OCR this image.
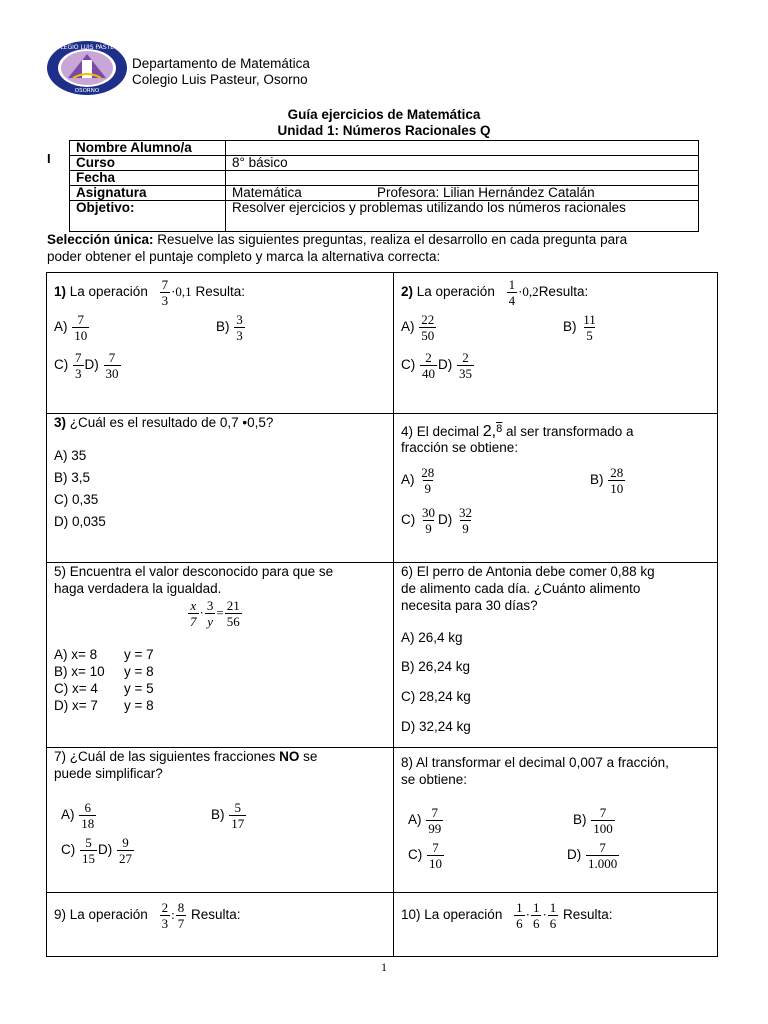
COLEGIO LUIS PASTEUR
OSORNO
Departamento de Matemática
Colegio Luis Pasteur, Osorno
Guía ejercicios de Matemática
Unidad 1: Números Racionales Q
I
Nombre Alumno/a	
Curso	8° básico
Fecha	
Asignatura	Matemática Profesora: Lilian Hernández Catalán
Objetivo:	Resolver ejercicios y problemas utilizando los números racionales
Selección única: Resuelve las siguientes preguntas, realiza el desarrollo en cada pregunta para
poder obtener el puntaje completo y marca la alternativa correcta:
1) La operación $\frac{7}{3} \cdot 0,1$ Resulta:
$A) \frac{7}{10}$	$B) \frac{3}{3}$
$C) \frac{7}{3} D) \frac{7}{30}$
2) La operación $\frac{1}{4}$ ·0,2Resulta:
$A) \frac{22}{50}$	$B) \frac{11}{5}$
$C) \frac{2}{40} D) \frac{2}{35}$
3) ¿Cuál es el resultado de 0,7 •0,5?
A) 35
B) 3,5
C) 0,35
D) 0,035
4) El decimal 2,$^8$ al ser transformado a
fracción se obtiene:
$A) \frac{28}{9}$	$B) \frac{28}{10}$
$C) \frac{30}{9} D) \frac{32}{9}$
5) Encuentra el valor desconocido para que se
haga verdadera la igualdad.
$\frac{x}{7} \cdot \frac{3}{y} = \frac{21}{56}$
A) x= 8 y = 7
B) x= 10 y = 8
C) x= 4 y = 5
D) x= 7 y = 8
6) El perro de Antonia debe comer 0,88 kg
de alimento cada día. ¿Cuánto alimento
necesita para 30 días?
A) 26,4 kg
B) 26,24 kg
C) 28,24 kg
D) 32,24 kg
7) ¿Cuál de las siguientes fracciones NO se
puede simplificar?
$A) \frac{6}{18}$	$B) \frac{5}{17}$
$C) \frac{5}{15} D) \frac{9}{27}$
8) Al transformar el decimal 0,007 a fracción,
se obtiene:
$A) \frac{7}{99}$	$B) \frac{7}{100}$
$C) \frac{7}{10}$	$D) \frac{7}{1.000}$
9) La operación $\frac{2}{3}$ : $\frac{8}{7}$ Resulta:	10) La operación $\frac{1}{6} \cdot \frac{1}{6} \cdot \frac{1}{6}$ Resulta:
1
